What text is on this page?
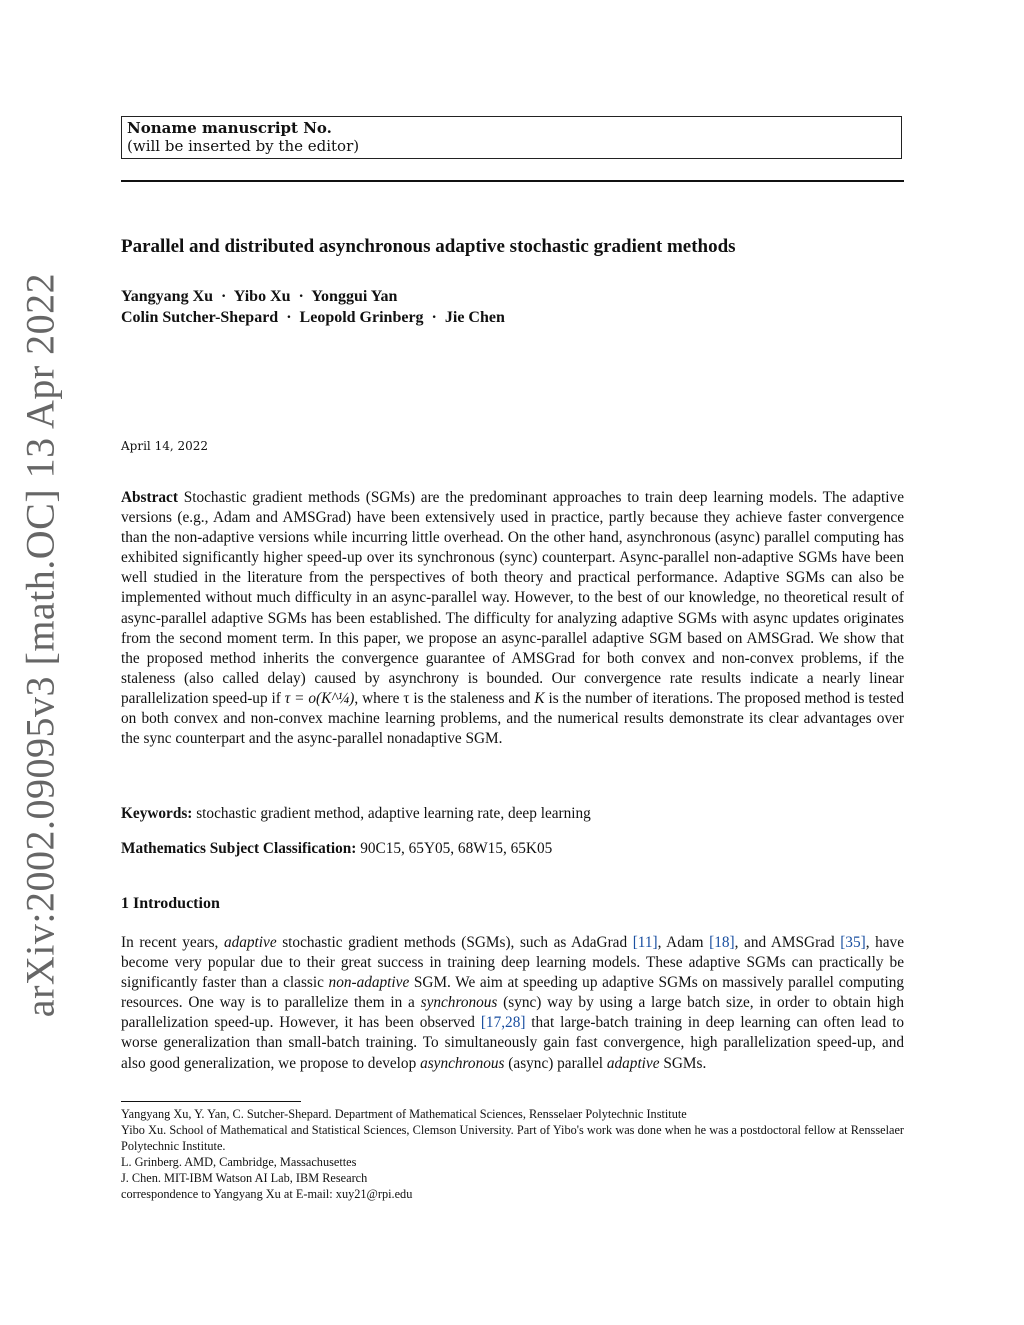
arXiv:2002.09095v3 [math.OC] 13 Apr 2022
Noname manuscript No.
(will be inserted by the editor)
Parallel and distributed asynchronous adaptive stochastic gradient methods
Yangyang Xu  ·  Yibo Xu  ·  Yonggui Yan
Colin Sutcher-Shepard  ·  Leopold Grinberg  ·  Jie Chen
April 14, 2022
Abstract Stochastic gradient methods (SGMs) are the predominant approaches to train deep learning models. The adaptive versions (e.g., Adam and AMSGrad) have been extensively used in practice, partly because they achieve faster convergence than the non-adaptive versions while incurring little overhead. On the other hand, asynchronous (async) parallel computing has exhibited significantly higher speed-up over its synchronous (sync) counterpart. Async-parallel non-adaptive SGMs have been well studied in the literature from the perspectives of both theory and practical performance. Adaptive SGMs can also be implemented without much difficulty in an async-parallel way. However, to the best of our knowledge, no theoretical result of async-parallel adaptive SGMs has been established. The difficulty for analyzing adaptive SGMs with async updates originates from the second moment term. In this paper, we propose an async-parallel adaptive SGM based on AMSGrad. We show that the proposed method inherits the convergence guarantee of AMSGrad for both convex and non-convex problems, if the staleness (also called delay) caused by asynchrony is bounded. Our convergence rate results indicate a nearly linear parallelization speed-up if τ = o(K^¼), where τ is the staleness and K is the number of iterations. The proposed method is tested on both convex and non-convex machine learning problems, and the numerical results demonstrate its clear advantages over the sync counterpart and the async-parallel nonadaptive SGM.
Keywords: stochastic gradient method, adaptive learning rate, deep learning
Mathematics Subject Classification: 90C15, 65Y05, 68W15, 65K05
1 Introduction
In recent years, adaptive stochastic gradient methods (SGMs), such as AdaGrad [11], Adam [18], and AMSGrad [35], have become very popular due to their great success in training deep learning models. These adaptive SGMs can practically be significantly faster than a classic non-adaptive SGM. We aim at speeding up adaptive SGMs on massively parallel computing resources. One way is to parallelize them in a synchronous (sync) way by using a large batch size, in order to obtain high parallelization speed-up. However, it has been observed [17,28] that large-batch training in deep learning can often lead to worse generalization than small-batch training. To simultaneously gain fast convergence, high parallelization speed-up, and also good generalization, we propose to develop asynchronous (async) parallel adaptive SGMs.

Yangyang Xu, Y. Yan, C. Sutcher-Shepard. Department of Mathematical Sciences, Rensselaer Polytechnic Institute

Yibo Xu. School of Mathematical and Statistical Sciences, Clemson University. Part of Yibo's work was done when he was a postdoctoral fellow at Rensselaer Polytechnic Institute.

L. Grinberg. AMD, Cambridge, Massachusettes

J. Chen. MIT-IBM Watson AI Lab, IBM Research

correspondence to Yangyang Xu at E-mail: xuy21@rpi.edu
